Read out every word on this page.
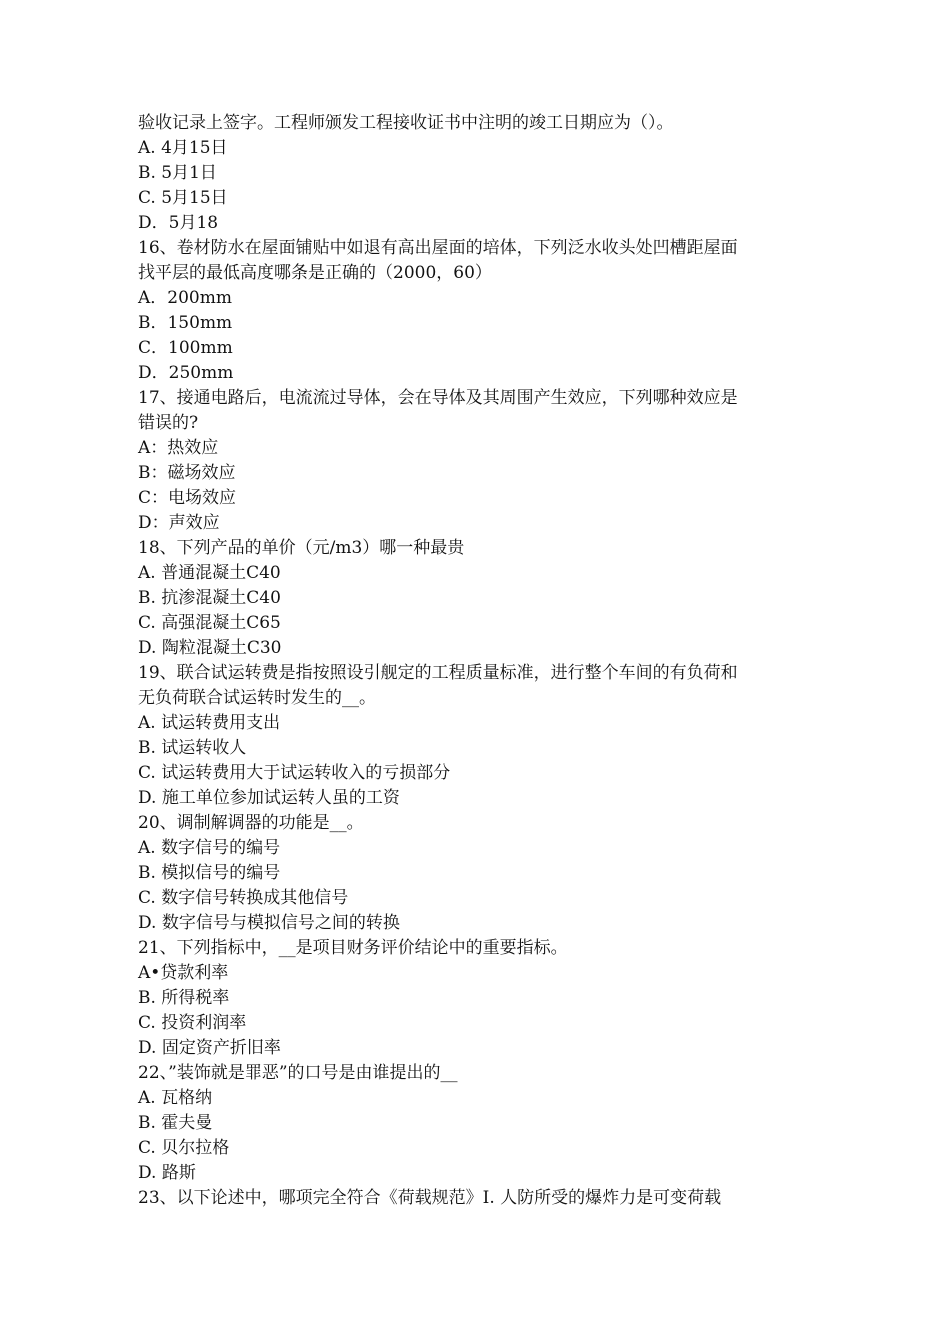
验收记录上签字。工程师颁发工程接收证书中注明的竣工日期应为（）。
A. 4月15日
B. 5月1日
C. 5月15日
D．5月18
16、卷材防水在屋面铺贴中如退有高出屋面的培体，下列泛水收头处凹槽距屋面
找平层的最低高度哪条是正确的（2000，60）
A．200mm
B．150mm
C．100mm
D．250mm
17、接通电路后，电流流过导体，会在导体及其周围产生效应，下列哪种效应是
错误的?
A：热效应
B：磁场效应
C：电场效应
D：声效应
18、下列产品的单价（元/m3）哪一种最贵
A. 普通混凝土C40
B. 抗渗混凝土C40
C. 高强混凝土C65
D. 陶粒混凝土C30
19、联合试运转费是指按照设引舰定的工程质量标准，进行整个车间的有负荷和
无负荷联合试运转时发生的__。
A. 试运转费用支出
B. 试运转收人
C. 试运转费用大于试运转收入的亏损部分
D. 施工单位参加试运转人虽的工资
20、调制解调器的功能是__。
A. 数字信号的编号
B. 模拟信号的编号
C. 数字信号转换成其他信号
D. 数字信号与模拟信号之间的转换
21、下列指标中，__是项目财务评价结论中的重要指标。
A•贷款利率
B. 所得税率
C. 投资利润率
D. 固定资产折旧率
22、”装饰就是罪恶”的口号是由谁提出的__
A. 瓦格纳
B. 霍夫曼
C. 贝尔拉格
D. 路斯
23、以下论述中，哪项完全符合《荷载规范》I. 人防所受的爆炸力是可变荷载
